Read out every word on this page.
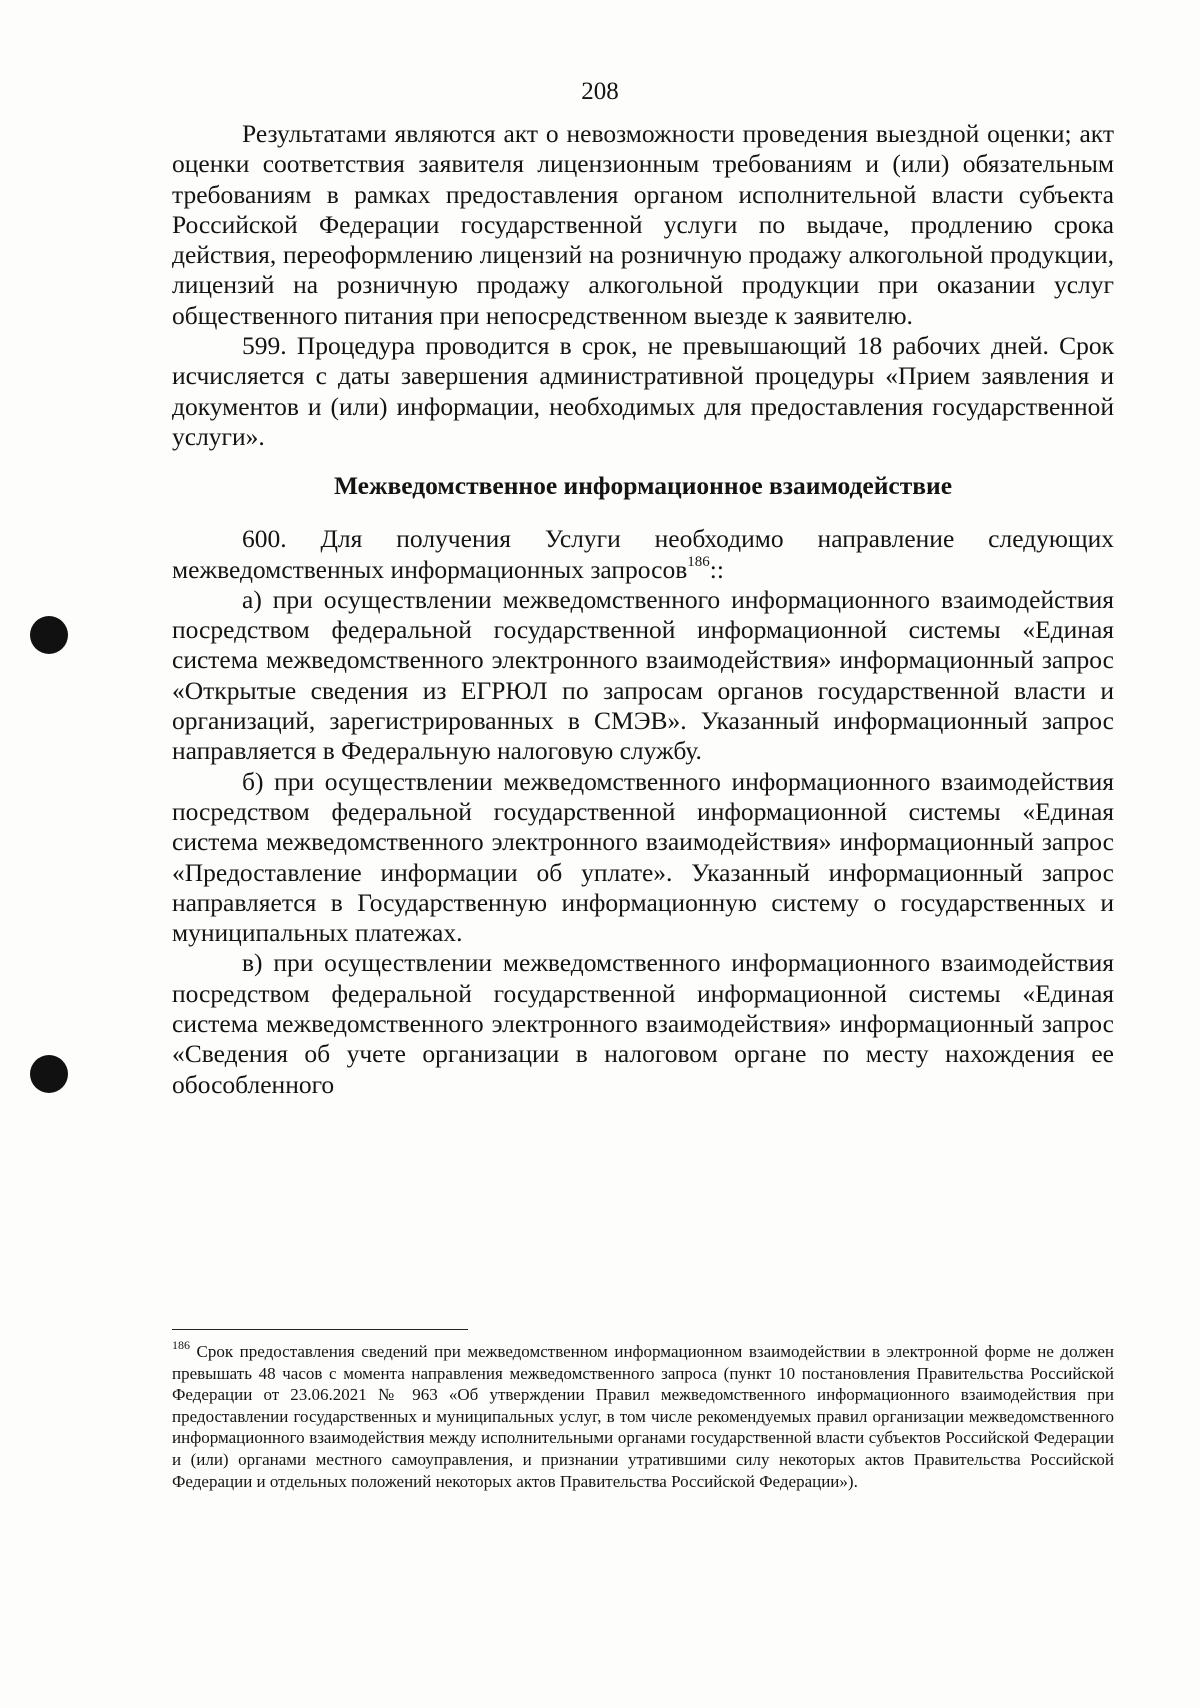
208

Результатами являются акт о невозможности проведения выездной оценки; акт оценки соответствия заявителя лицензионным требованиям и (или) обязательным требованиям в рамках предоставления органом исполнительной власти субъекта Российской Федерации государственной услуги по выдаче, продлению срока действия, переоформлению лицензий на розничную продажу алкогольной продукции, лицензий на розничную продажу алкогольной продукции при оказании услуг общественного питания при непосредственном выезде к заявителю.

599. Процедура проводится в срок, не превышающий 18 рабочих дней. Срок исчисляется с даты завершения административной процедуры «Прием заявления и документов и (или) информации, необходимых для предоставления государственной услуги».

Межведомственное информационное взаимодействие

600. Для получения Услуги необходимо направление следующих межведомственных информационных запросов$^{186}$::

а) при осуществлении межведомственного информационного взаимодействия посредством федеральной государственной информационной системы «Единая система межведомственного электронного взаимодействия» информационный запрос «Открытые сведения из ЕГРЮЛ по запросам органов государственной власти и организаций, зарегистрированных в СМЭВ». Указанный информационный запрос направляется в Федеральную налоговую службу.

б) при осуществлении межведомственного информационного взаимодействия посредством федеральной государственной информационной системы «Единая система межведомственного электронного взаимодействия» информационный запрос «Предоставление информации об уплате». Указанный информационный запрос направляется в Государственную информационную систему о государственных и муниципальных платежах.

в) при осуществлении межведомственного информационного взаимодействия посредством федеральной государственной информационной системы «Единая система межведомственного электронного взаимодействия» информационный запрос «Сведения об учете организации в налоговом органе по месту нахождения ее обособленного

$^{186}$ Срок предоставления сведений при межведомственном информационном взаимодействии в электронной форме не должен превышать 48 часов с момента направления межведомственного запроса (пункт 10 постановления Правительства Российской Федерации от 23.06.2021 № 963 «Об утверждении Правил межведомственного информационного взаимодействия при предоставлении государственных и муниципальных услуг, в том числе рекомендуемых правил организации межведомственного информационного взаимодействия между исполнительными органами государственной власти субъектов Российской Федерации и (или) органами местного самоуправления, и признании утратившими силу некоторых актов Правительства Российской Федерации и отдельных положений некоторых актов Правительства Российской Федерации»).
